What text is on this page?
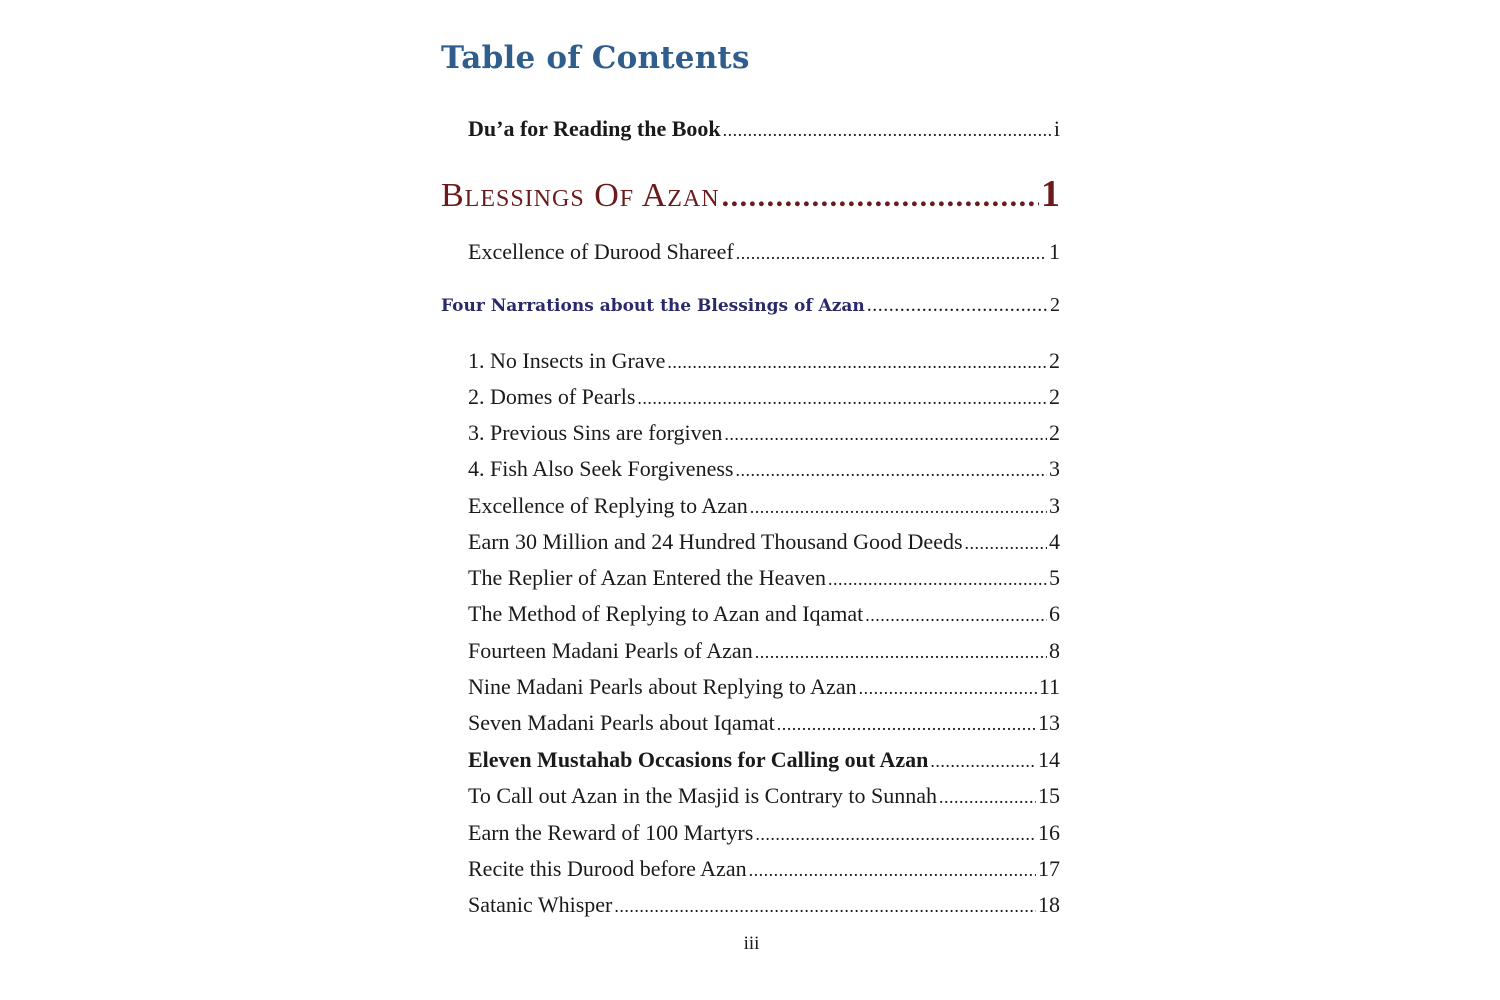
Table of Contents
Du’a for Reading the Book .....	i
Blessings Of Azan .....	1
Excellence of Durood Shareef .....	1
Four Narrations about the Blessings of Azan .....	2
1. No Insects in Grave .....	2
2. Domes of Pearls .....	2
3. Previous Sins are forgiven .....	2
4. Fish Also Seek Forgiveness .....	3
Excellence of Replying to Azan .....	3
Earn 30 Million and 24 Hundred Thousand Good Deeds .....	4
The Replier of Azan Entered the Heaven .....	5
The Method of Replying to Azan and Iqamat .....	6
Fourteen Madani Pearls of Azan .....	8
Nine Madani Pearls about Replying to Azan .....	11
Seven Madani Pearls about Iqamat .....	13
Eleven Mustahab Occasions for Calling out Azan .....	14
To Call out Azan in the Masjid is Contrary to Sunnah .....	15
Earn the Reward of 100 Martyrs .....	16
Recite this Durood before Azan .....	17
Satanic Whisper .....	18
iii
